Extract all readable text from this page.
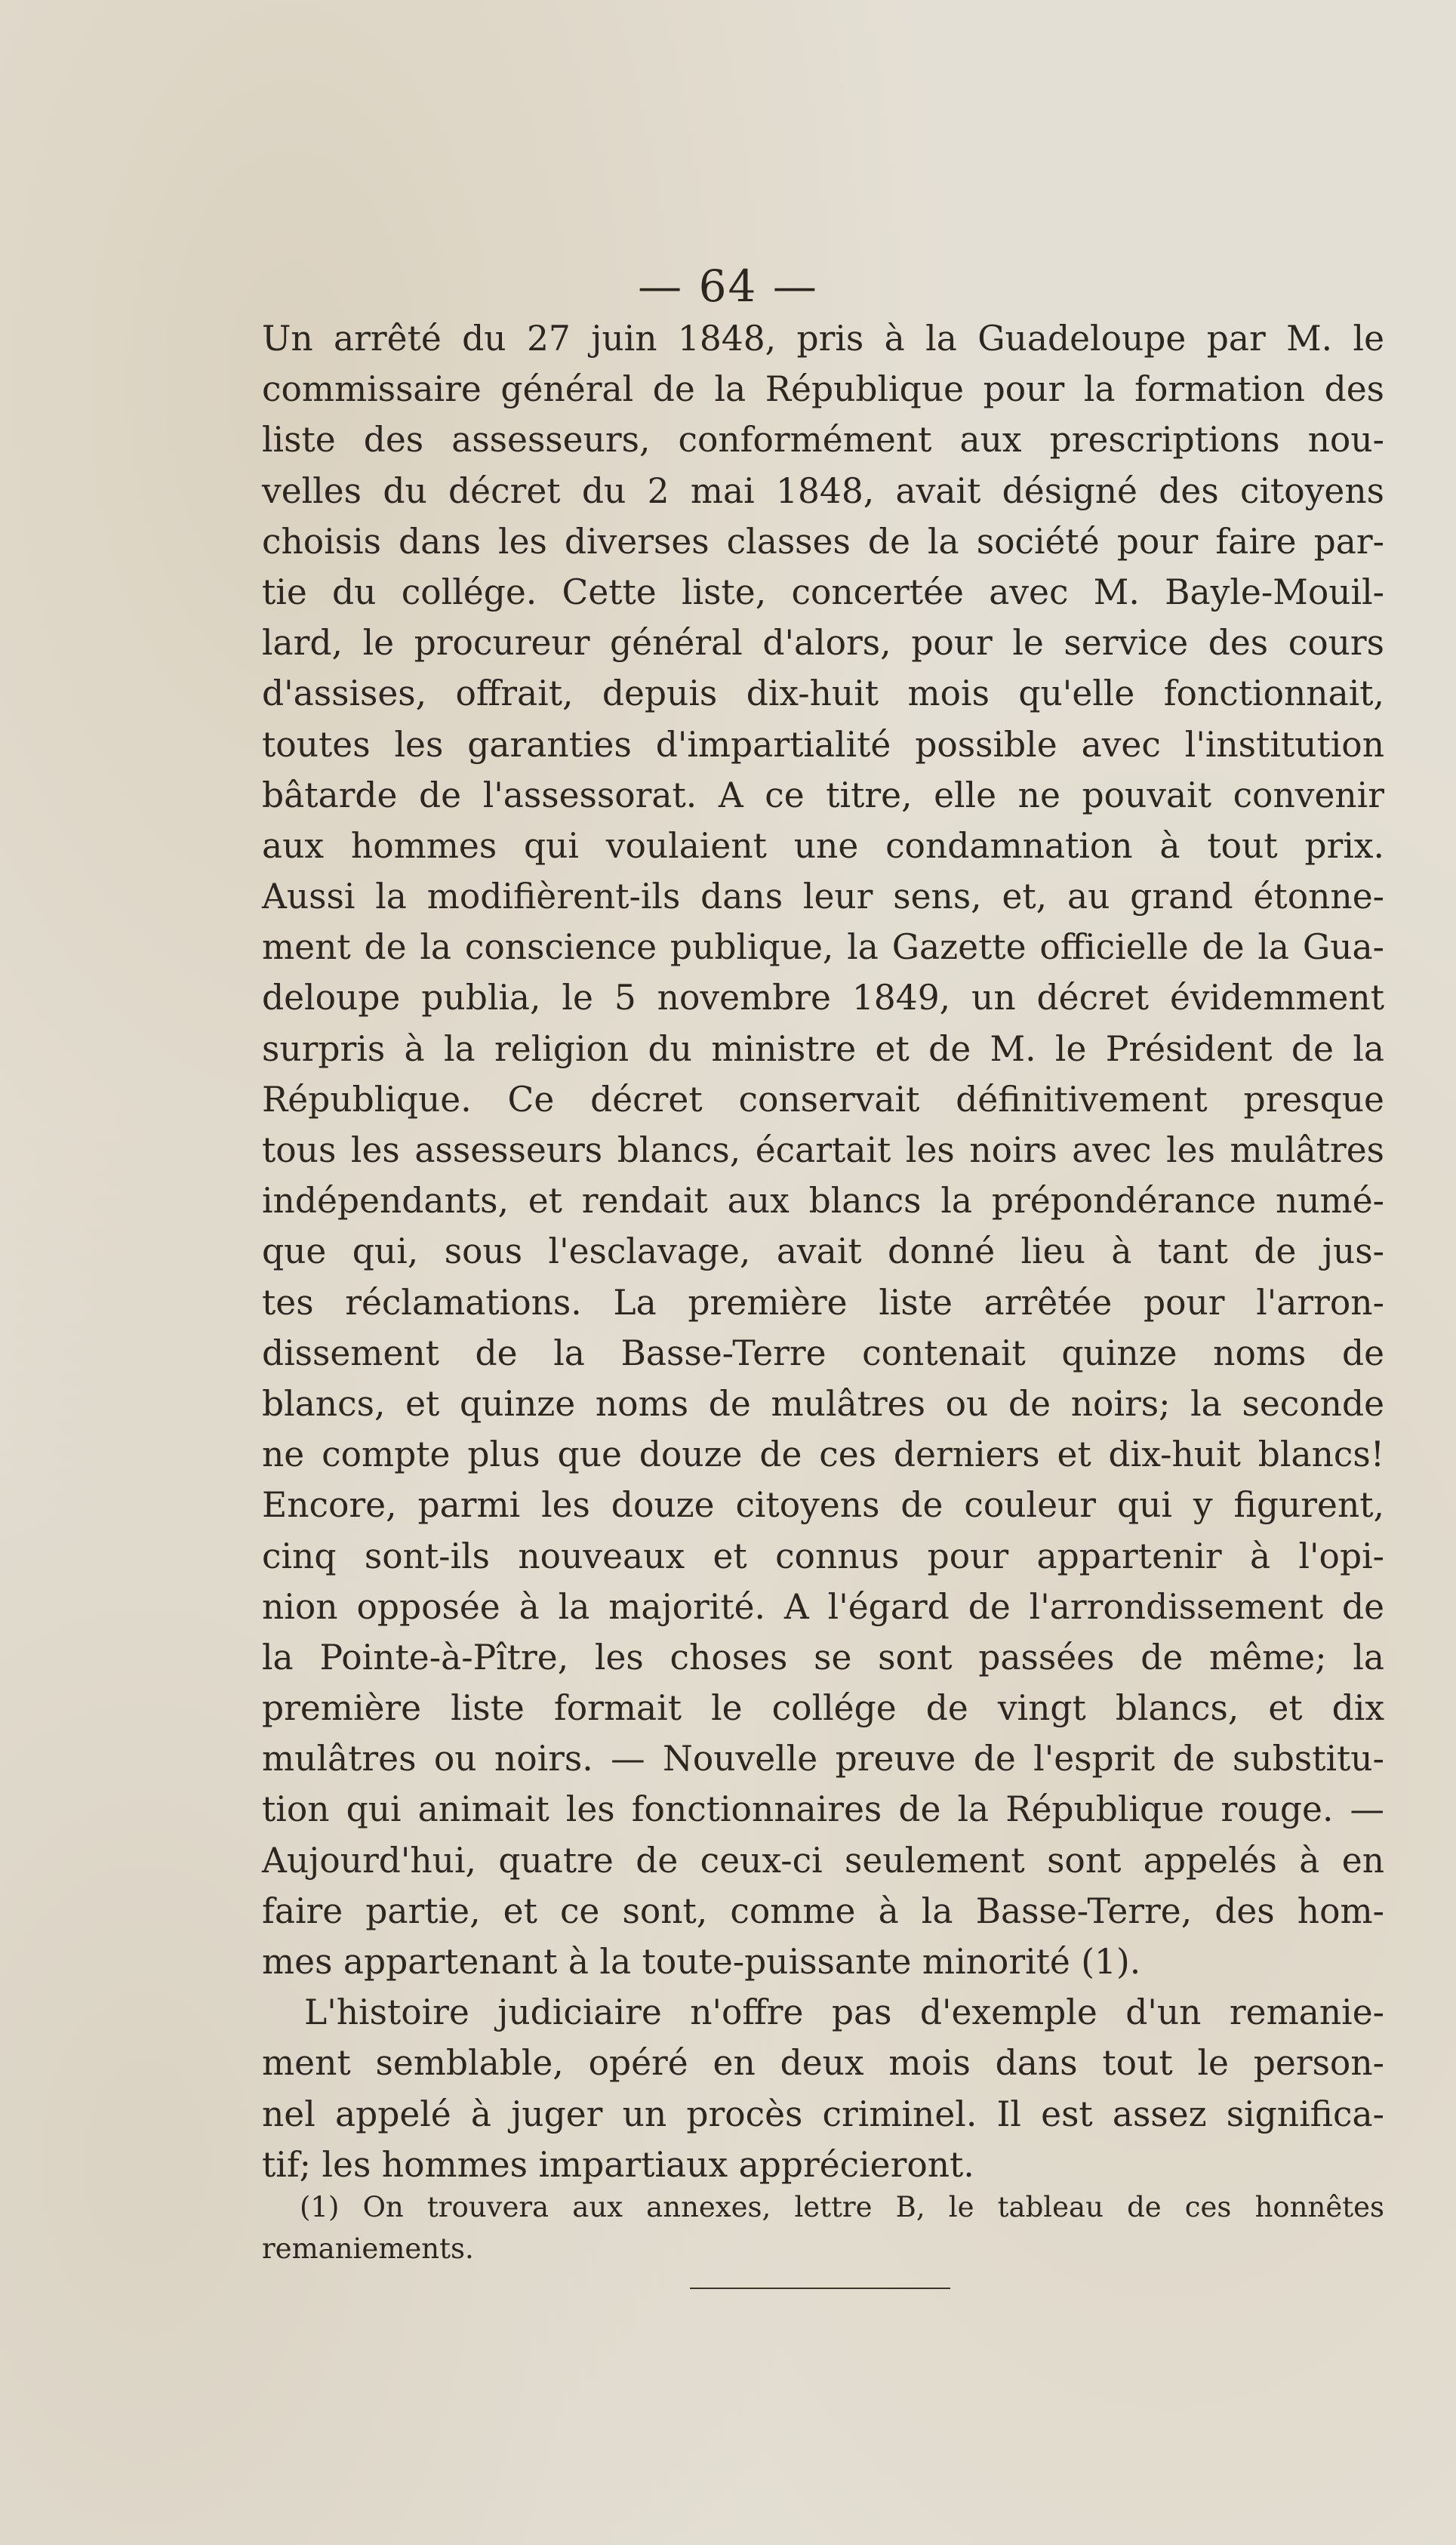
— 64 —
Un arrêté du 27 juin 1848, pris à la Guadeloupe par M. le
commissaire général de la République pour la formation des
liste des assesseurs, conformément aux prescriptions nou-
velles du décret du 2 mai 1848, avait désigné des citoyens
choisis dans les diverses classes de la société pour faire par-
tie du collége. Cette liste, concertée avec M. Bayle-Mouil-
lard, le procureur général d'alors, pour le service des cours
d'assises, offrait, depuis dix-huit mois qu'elle fonctionnait,
toutes les garanties d'impartialité possible avec l'institution
bâtarde de l'assessorat. A ce titre, elle ne pouvait convenir
aux hommes qui voulaient une condamnation à tout prix.
Aussi la modifièrent-ils dans leur sens, et, au grand étonne-
ment de la conscience publique, la Gazette officielle de la Gua-
deloupe publia, le 5 novembre 1849, un décret évidemment
surpris à la religion du ministre et de M. le Président de la
République. Ce décret conservait définitivement presque
tous les assesseurs blancs, écartait les noirs avec les mulâtres
indépendants, et rendait aux blancs la prépondérance numé-
que qui, sous l'esclavage, avait donné lieu à tant de jus-
tes réclamations. La première liste arrêtée pour l'arron-
dissement de la Basse-Terre contenait quinze noms de
blancs, et quinze noms de mulâtres ou de noirs; la seconde
ne compte plus que douze de ces derniers et dix-huit blancs!
Encore, parmi les douze citoyens de couleur qui y figurent,
cinq sont-ils nouveaux et connus pour appartenir à l'opi-
nion opposée à la majorité. A l'égard de l'arrondissement de
la Pointe-à-Pître, les choses se sont passées de même; la
première liste formait le collége de vingt blancs, et dix
mulâtres ou noirs. — Nouvelle preuve de l'esprit de substitu-
tion qui animait les fonctionnaires de la République rouge. —
Aujourd'hui, quatre de ceux-ci seulement sont appelés à en
faire partie, et ce sont, comme à la Basse-Terre, des hom-
mes appartenant à la toute-puissante minorité (1).
L'histoire judiciaire n'offre pas d'exemple d'un remanie-
ment semblable, opéré en deux mois dans tout le person-
nel appelé à juger un procès criminel. Il est assez significa-
tif; les hommes impartiaux apprécieront.
(1) On trouvera aux annexes, lettre B, le tableau de ces honnêtes
remaniements.
